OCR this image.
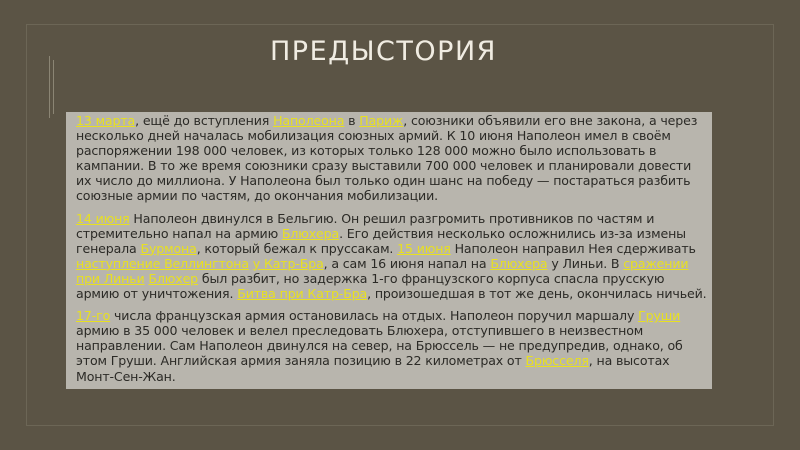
ПРЕДЫСТОРИЯ

13 марта, ещё до вступления Наполеона в Париж, союзники объявили его вне закона, а через несколько дней началась мобилизация союзных армий. К 10 июня Наполеон имел в своём распоряжении 198 000 человек, из которых только 128 000 можно было использовать в кампании. В то же время союзники сразу выставили 700 000 человек и планировали довести их число до миллиона. У Наполеона был только один шанс на победу — постараться разбить союзные армии по частям, до окончания мобилизации.

14 июня Наполеон двинулся в Бельгию. Он решил разгромить противников по частям и стремительно напал на армию Блюхера. Его действия несколько осложнились из-за измены генерала Бурмона, который бежал к пруссакам. 15 июня Наполеон направил Нея сдерживать наступление Веллингтона у Катр-Бра, а сам 16 июня напал на Блюхера у Линьи. В сражении при Линьи Блюхер был разбит, но задержка 1-го французского корпуса спасла прусскую армию от уничтожения. Битва при Катр-Бра, произошедшая в тот же день, окончилась ничьей.

17-го числа французская армия остановилась на отдых. Наполеон поручил маршалу Груши армию в 35 000 человек и велел преследовать Блюхера, отступившего в неизвестном направлении. Сам Наполеон двинулся на север, на Брюссель — не предупредив, однако, об этом Груши. Английская армия заняла позицию в 22 километрах от Брюсселя, на высотах Монт-Сен-Жан.
